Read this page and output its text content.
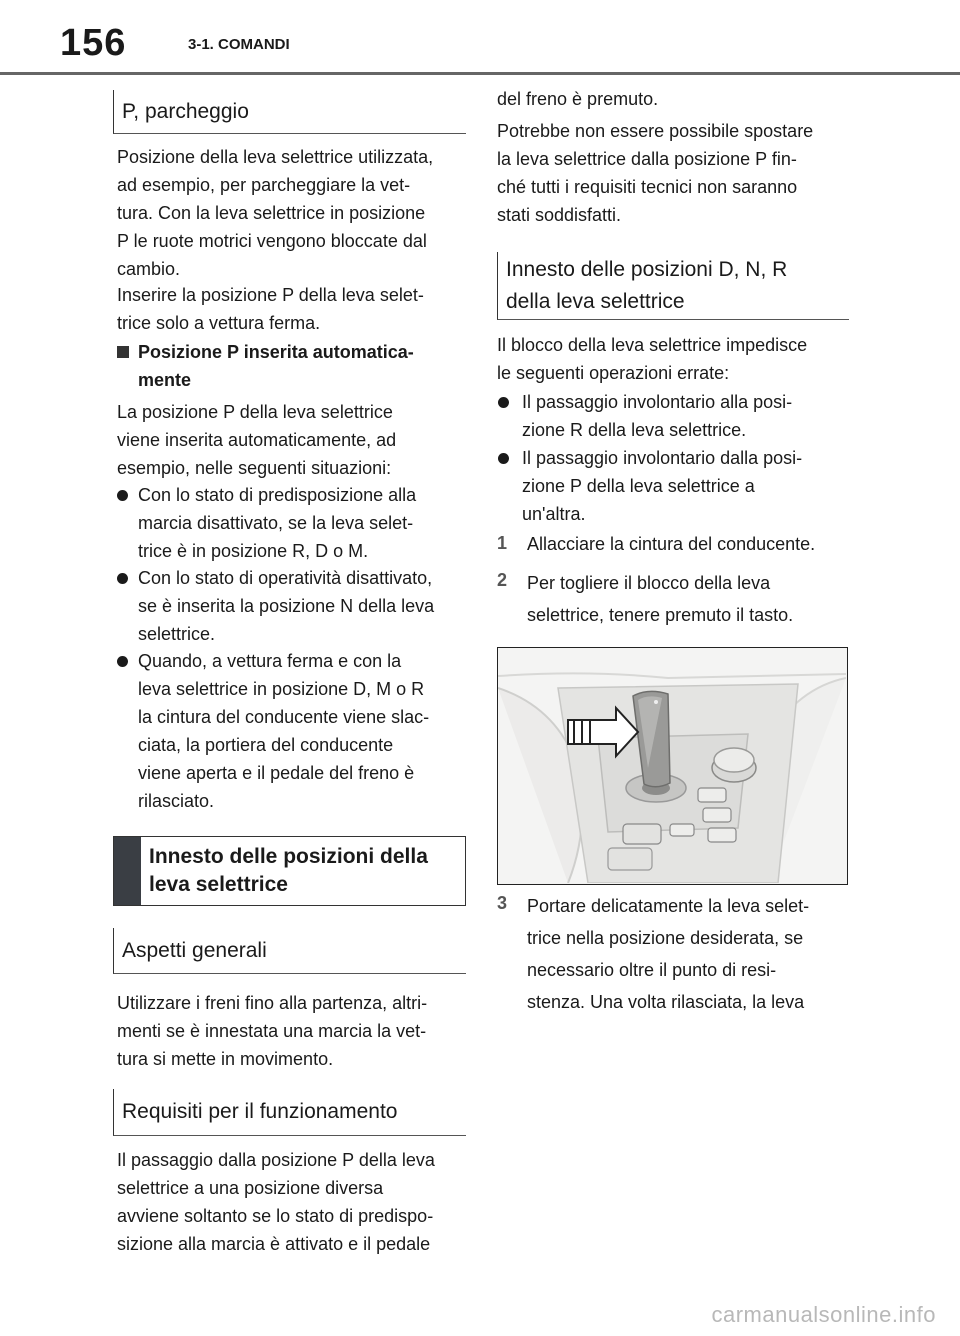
156	3-1. COMANDI
P, parcheggio
Posizione della leva selettrice utilizzata,
ad esempio, per parcheggiare la vet-
tura. Con la leva selettrice in posizione
P le ruote motrici vengono bloccate dal
cambio.
Inserire la posizione P della leva selet-
trice solo a vettura ferma.
Posizione P inserita automatica-
mente
La posizione P della leva selettrice
viene inserita automaticamente, ad
esempio, nelle seguenti situazioni:
Con lo stato di predisposizione alla
marcia disattivato, se la leva selet-
trice è in posizione R, D o M.
Con lo stato di operatività disattivato,
se è inserita la posizione N della leva
selettrice.
Quando, a vettura ferma e con la
leva selettrice in posizione D, M o R
la cintura del conducente viene slac-
ciata, la portiera del conducente
viene aperta e il pedale del freno è
rilasciato.
Innesto delle posizioni della
leva selettrice
Aspetti generali
Utilizzare i freni fino alla partenza, altri-
menti se è innestata una marcia la vet-
tura si mette in movimento.
Requisiti per il funzionamento
Il passaggio dalla posizione P della leva
selettrice a una posizione diversa
avviene soltanto se lo stato di predispo-
sizione alla marcia è attivato e il pedale
del freno è premuto.
Potrebbe non essere possibile spostare
la leva selettrice dalla posizione P fin-
ché tutti i requisiti tecnici non saranno
stati soddisfatti.
Innesto delle posizioni D, N, R
della leva selettrice
Il blocco della leva selettrice impedisce
le seguenti operazioni errate:
Il passaggio involontario alla posi-
zione R della leva selettrice.
Il passaggio involontario dalla posi-
zione P della leva selettrice a
un'altra.
1 Allacciare la cintura del conducente.
2 Per togliere il blocco della leva
selettrice, tenere premuto il tasto.
3 Portare delicatamente la leva selet-
trice nella posizione desiderata, se
necessario oltre il punto di resi-
stenza. Una volta rilasciata, la leva
carmanualsonline.info
